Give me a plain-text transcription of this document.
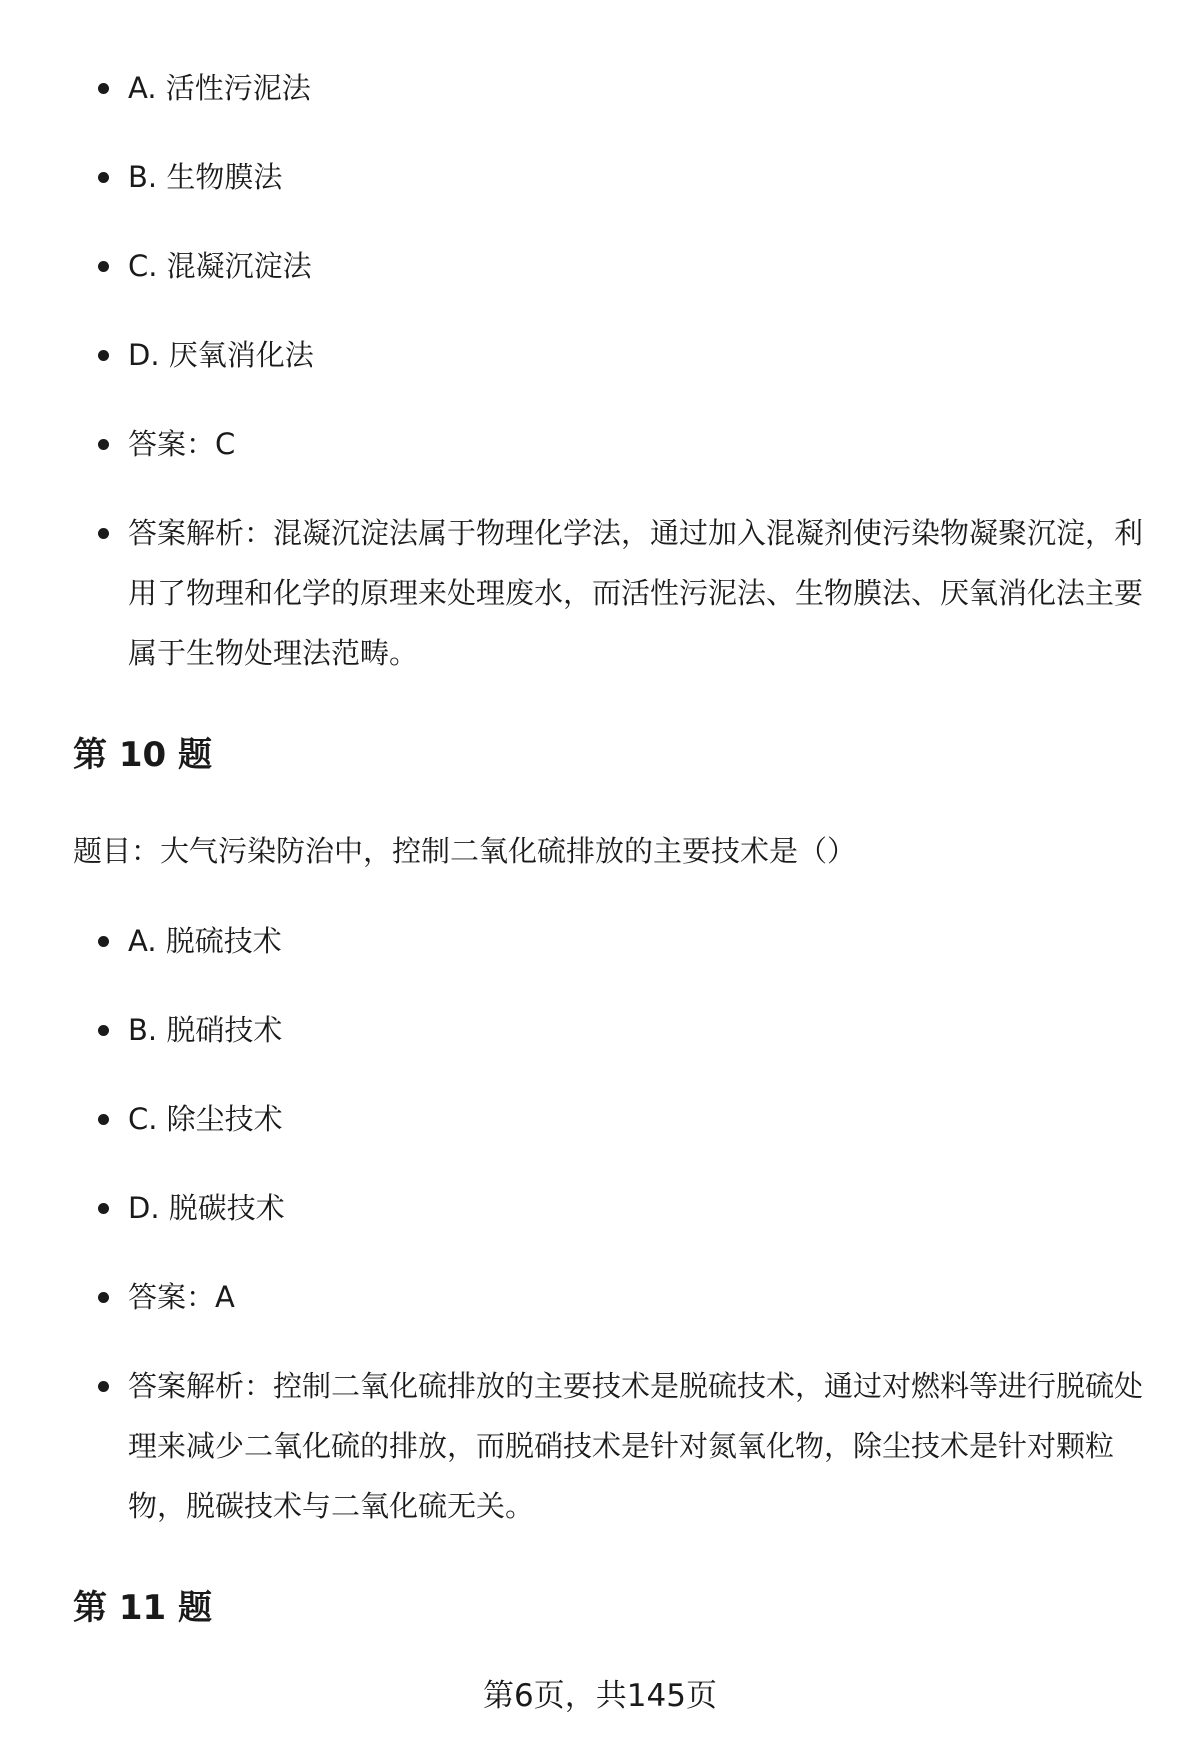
A. 活性污泥法
B. 生物膜法
C. 混凝沉淀法
D. 厌氧消化法
答案：C
答案解析：混凝沉淀法属于物理化学法，通过加入混凝剂使污染物凝聚沉淀，利用了物理和化学的原理来处理废水，而活性污泥法、生物膜法、厌氧消化法主要属于生物处理法范畴。
第 10 题
题目：大气污染防治中，控制二氧化硫排放的主要技术是（）
A. 脱硫技术
B. 脱硝技术
C. 除尘技术
D. 脱碳技术
答案：A
答案解析：控制二氧化硫排放的主要技术是脱硫技术，通过对燃料等进行脱硫处理来减少二氧化硫的排放，而脱硝技术是针对氮氧化物，除尘技术是针对颗粒物，脱碳技术与二氧化硫无关。
第 11 题
第6页，共145页
